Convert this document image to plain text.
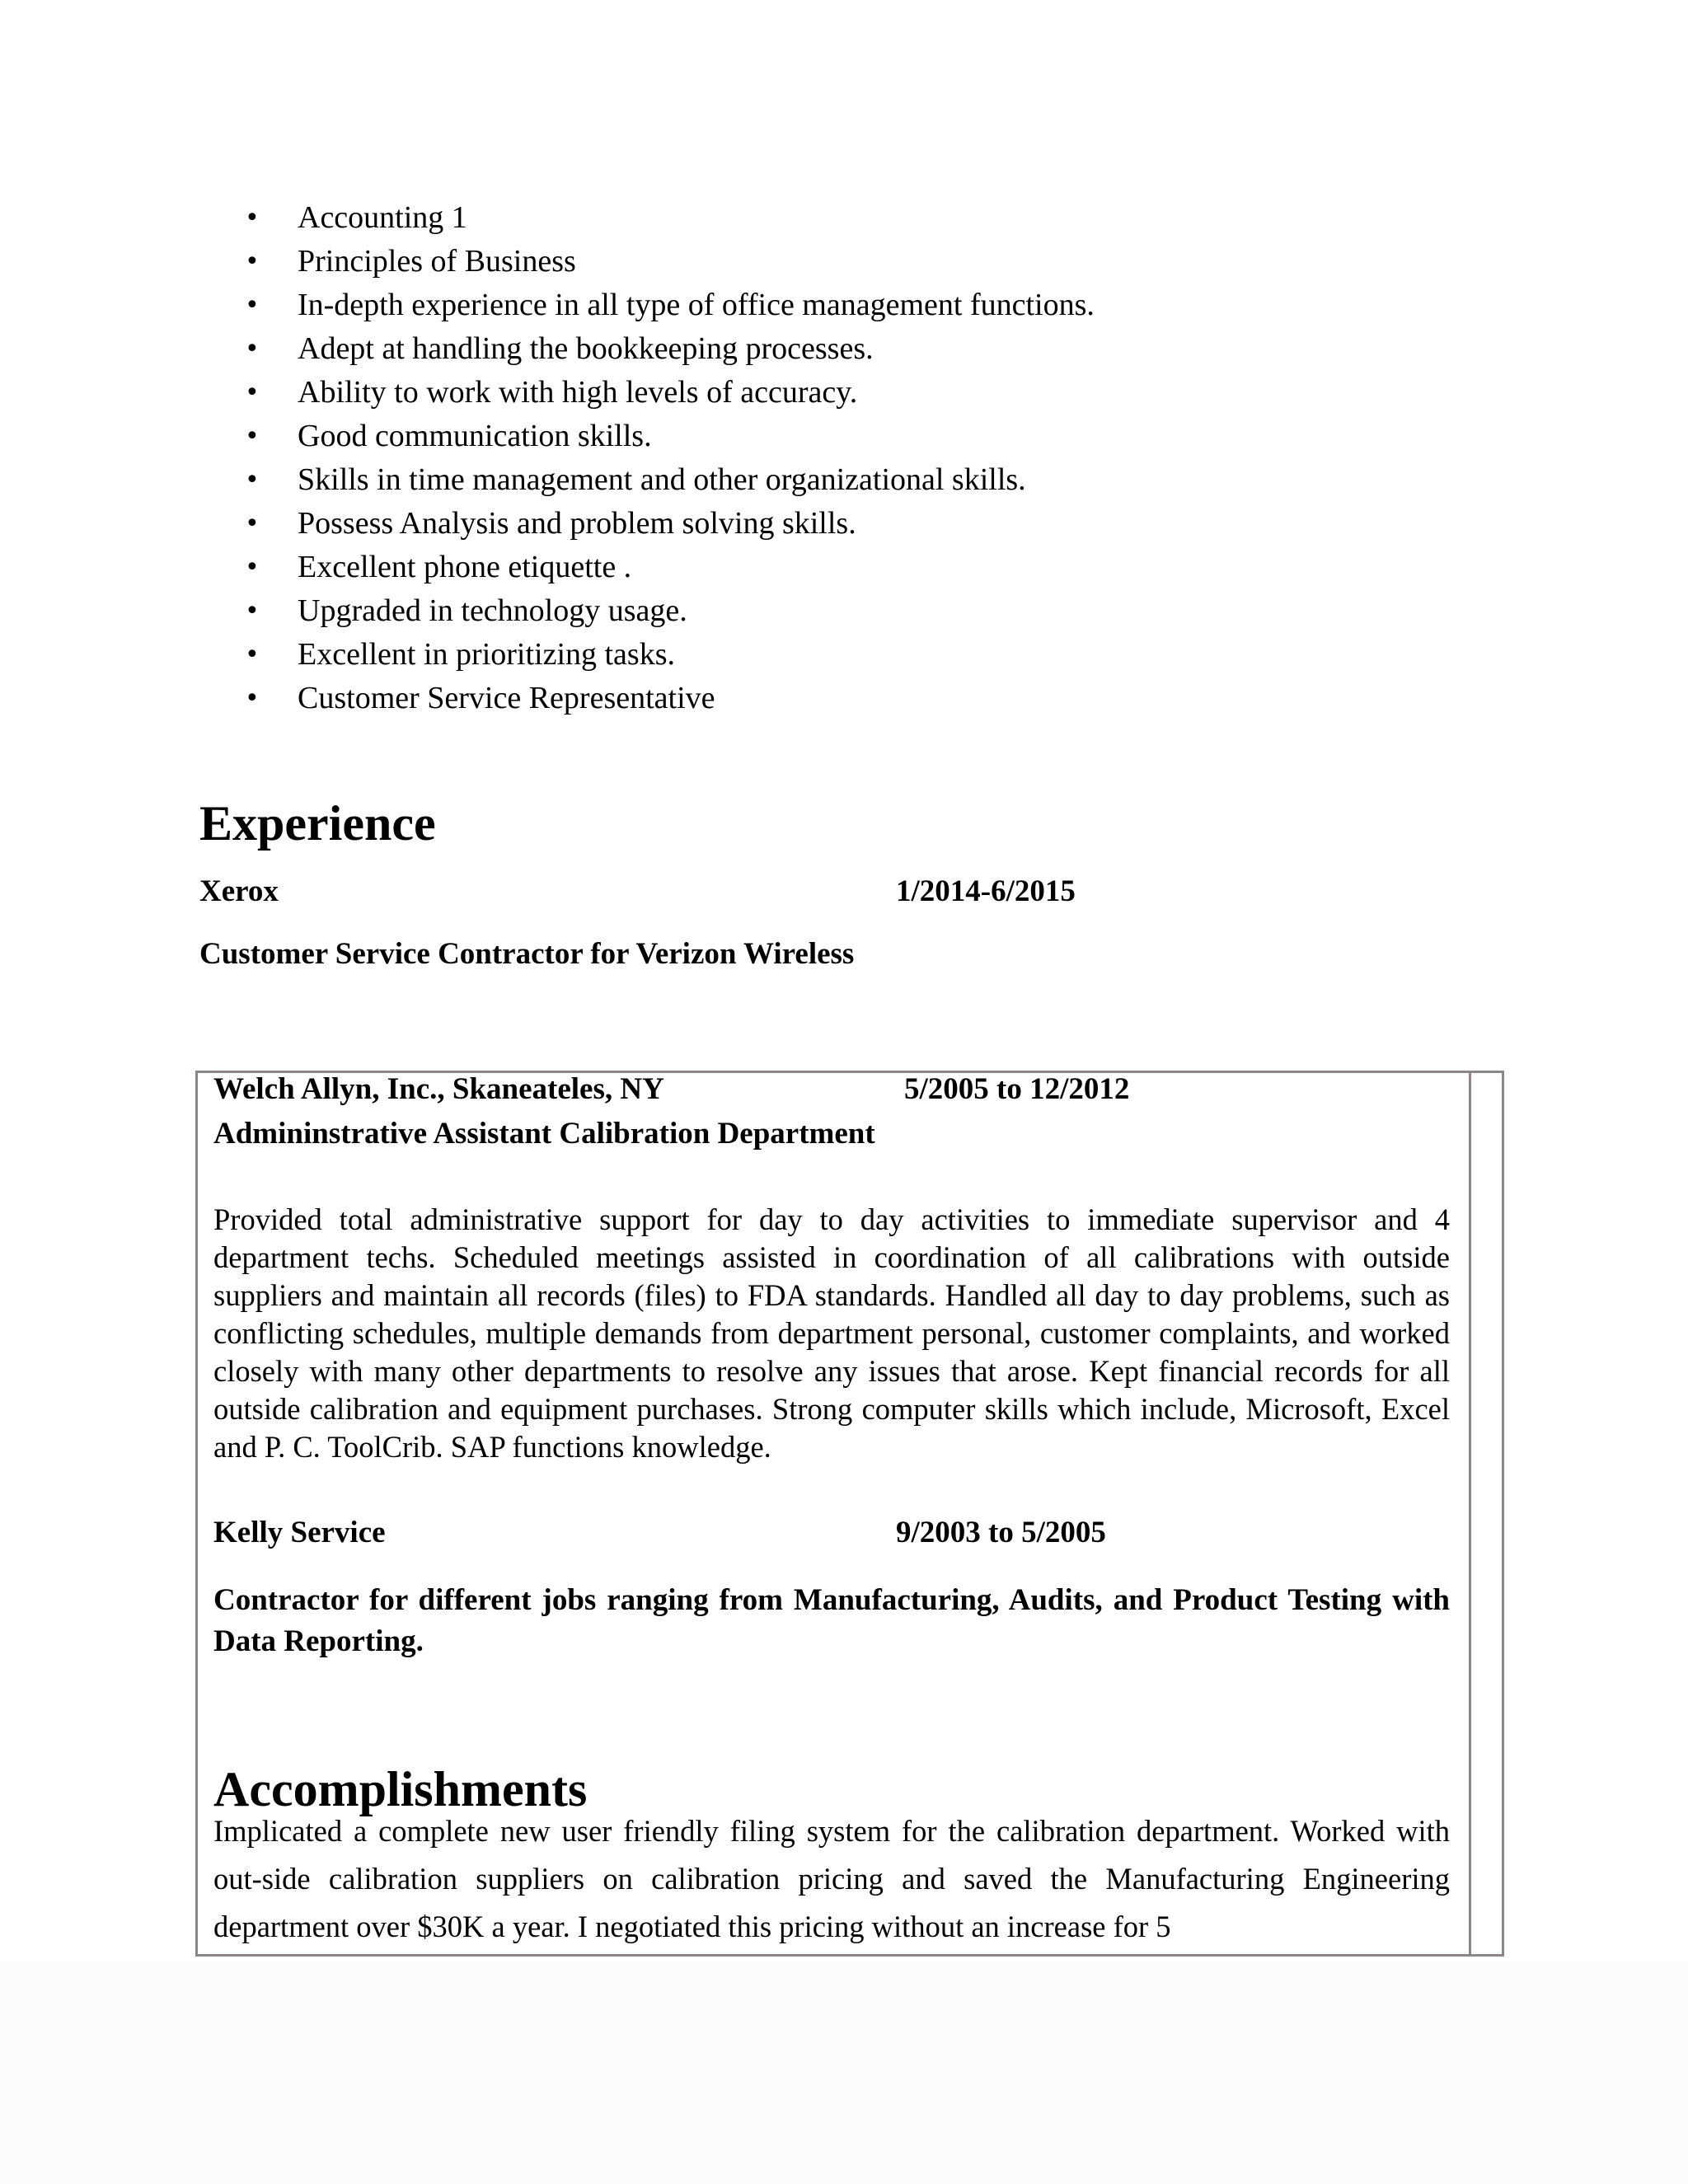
• Accounting 1
• Principles of Business
• In-depth experience in all type of office management functions.
• Adept at handling the bookkeeping processes.
• Ability to work with high levels of accuracy.
• Good communication skills.
• Skills in time management and other organizational skills.
• Possess Analysis and problem solving skills.
• Excellent phone etiquette .
• Upgraded in technology usage.
• Excellent in prioritizing tasks.
• Customer Service Representative
Experience
Xerox	1/2014-6/2015
Customer Service Contractor for Verizon Wireless
Welch Allyn, Inc., Skaneateles, NY	5/2005 to 12/2012
Admininstrative Assistant Calibration Department

Provided total administrative support for day to day activities to immediate supervisor and 4 department techs. Scheduled meetings assisted in coordination of all calibrations with outside suppliers and maintain all records (files) to FDA standards. Handled all day to day problems, such as conflicting schedules, multiple demands from department personal, customer complaints, and worked closely with many other departments to resolve any issues that arose. Kept financial records for all outside calibration and equipment purchases. Strong computer skills which include, Microsoft, Excel and P. C. ToolCrib. SAP functions knowledge.

Kelly Service	9/2003 to 5/2005

Contractor for different jobs ranging from Manufacturing, Audits, and Product Testing with Data Reporting.

Accomplishments

Implicated a complete new user friendly filing system for the calibration department. Worked with out-side calibration suppliers on calibration pricing and saved the Manufacturing Engineering department over $30K a year. I negotiated this pricing without an increase for 5
